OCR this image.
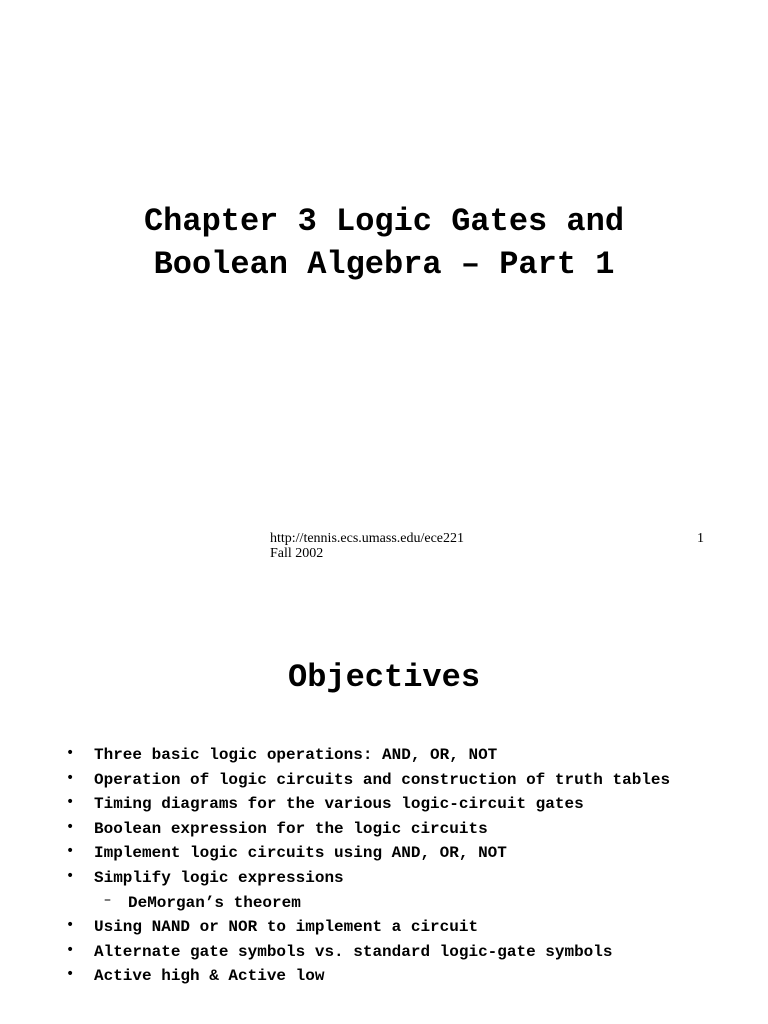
Chapter 3 Logic Gates and
Boolean Algebra – Part 1
http://tennis.ecs.umass.edu/ece221	1
Fall 2002
Objectives
• Three basic logic operations: AND, OR, NOT
• Operation of logic circuits and construction of truth tables
• Timing diagrams for the various logic-circuit gates
• Boolean expression for the logic circuits
• Implement logic circuits using AND, OR, NOT
• Simplify logic expressions
– DeMorgan’s theorem
• Using NAND or NOR to implement a circuit
• Alternate gate symbols vs. standard logic-gate symbols
• Active high & Active low
